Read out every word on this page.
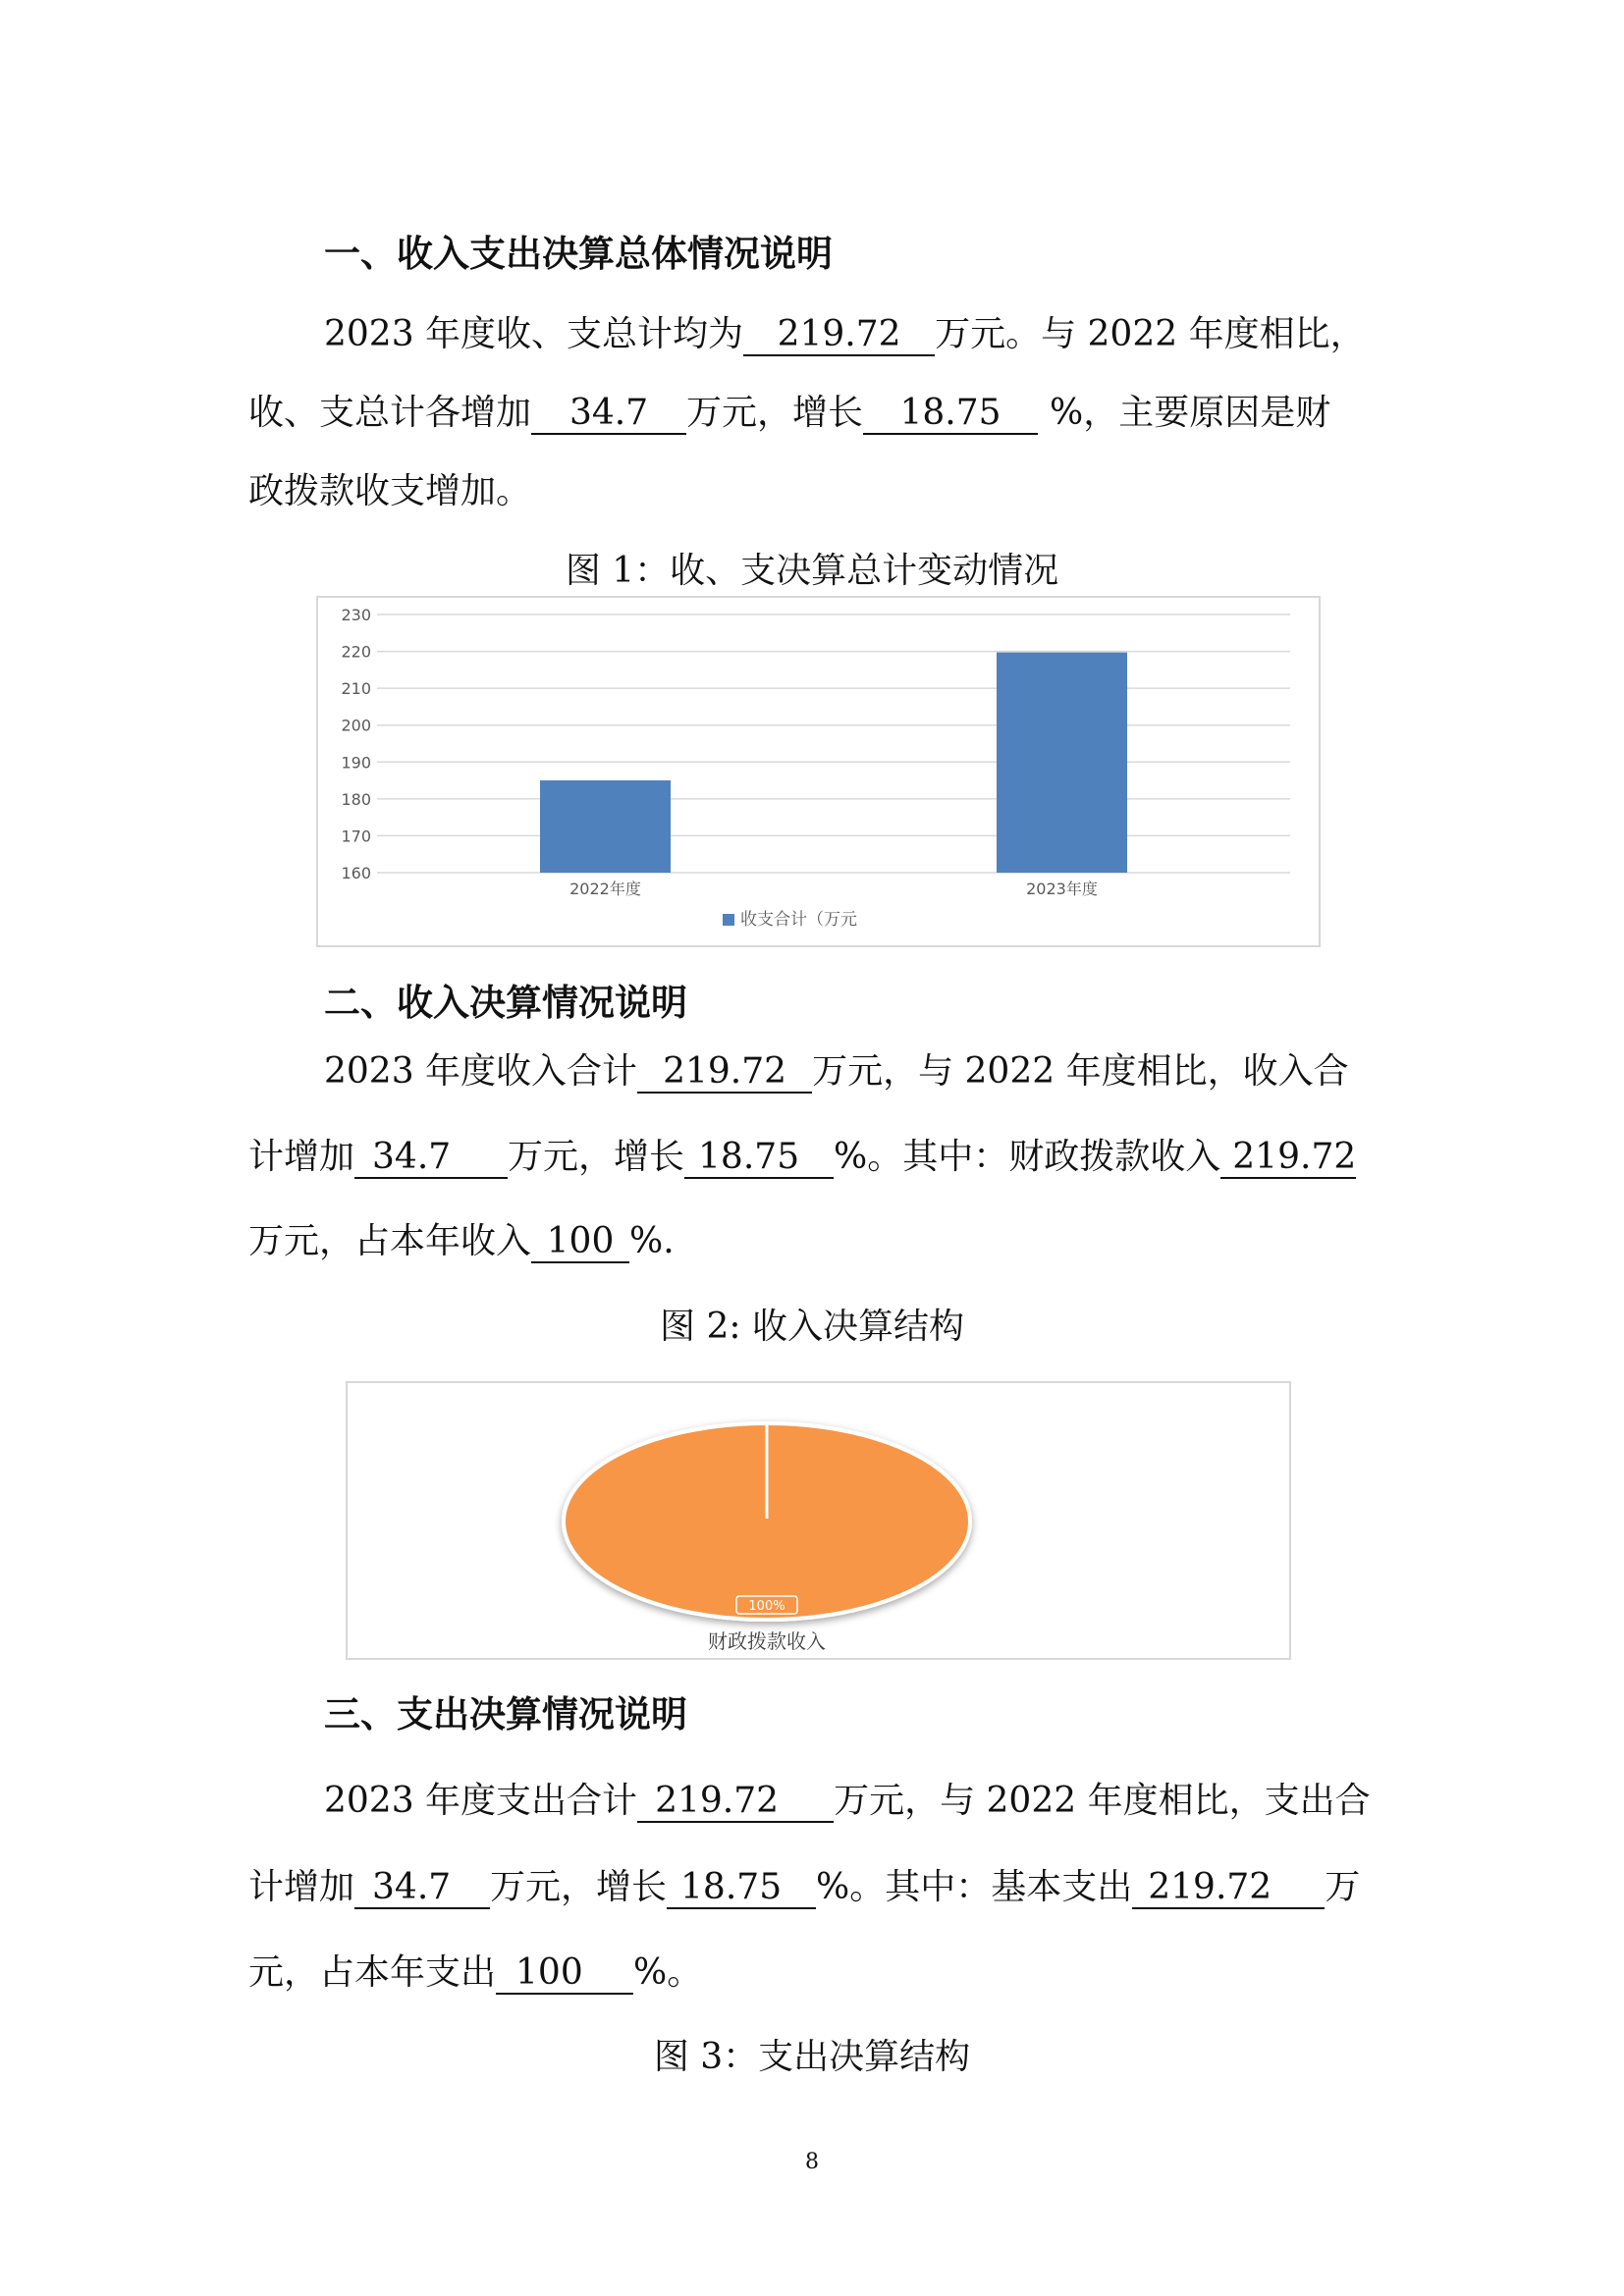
一、收入支出决算总体情况说明
2023 年度收、支总计均为 219.72 万元。与 2022 年度相比，
收、支总计各增加 34.7 万元，增长 18.75 %，主要原因是财
政拨款收支增加。
图 1：收、支决算总计变动情况
160
170
180
190
200
210
220
230
2022年度	2023年度
收支合计（万元
二、收入决算情况说明
2023 年度收入合计 219.72 万元，与 2022 年度相比，收入合
计增加 34.7 万元，增长 18.75 %。其中：财政拨款收入 219.72
万元，占本年收入 100 %.
图 2: 收入决算结构
100%
财政拨款收入
三、支出决算情况说明
2023 年度支出合计 219.72 万元，与 2022 年度相比，支出合
计增加 34.7 万元，增长 18.75 %。其中：基本支出 219.72 万
元，占本年支出 100 %。
图 3：支出决算结构
8
